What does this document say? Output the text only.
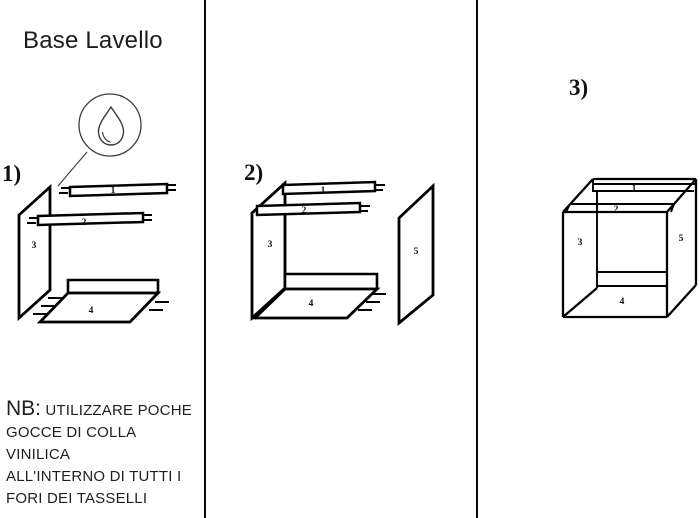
Base Lavello
1)
1
2
3
4
2)
1
2
3
4
5
3)
1
2
3
4
5
NB: UTILIZZARE POCHE
GOCCE DI COLLA VINILICA
ALL'INTERNO DI TUTTI I
FORI DEI TASSELLI
